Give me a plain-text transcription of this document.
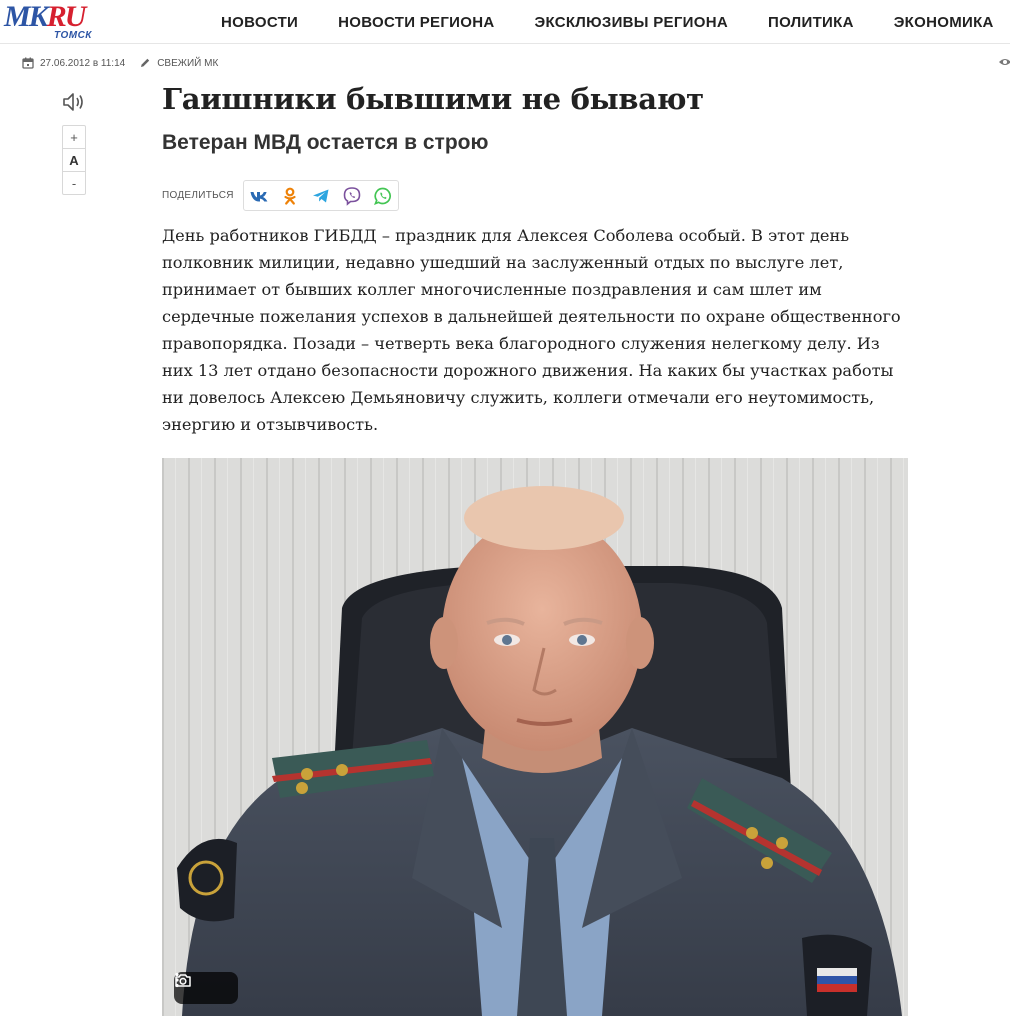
MKRU
ТОМСК
НОВОСТИ	НОВОСТИ РЕГИОНА	ЭКСКЛЮЗИВЫ РЕГИОНА	ПОЛИТИКА	ЭКОНОМИКА
27.06.2012 в 11:14	СВЕЖИЙ МК
+
A
-
Гаишники бывшими не бывают
Ветеран МВД остается в строю
ПОДЕЛИТЬСЯ

День работников ГИБДД – праздник для Алексея Соболева особый. В этот день полковник милиции, недавно ушедший на заслуженный отдых по выслуге лет, принимает от бывших коллег многочисленные поздравления и сам шлет им сердечные пожелания успехов в дальнейшей деятельности по охране общественного правопорядка. Позади – четверть века благородного служения нелегкому делу. Из них 13 лет отдано безопасности дорожного движения. На каких бы участках работы ни довелось Алексею Демьяновичу служить, коллеги отмечали его неутомимость, энергию и отзывчивость.
